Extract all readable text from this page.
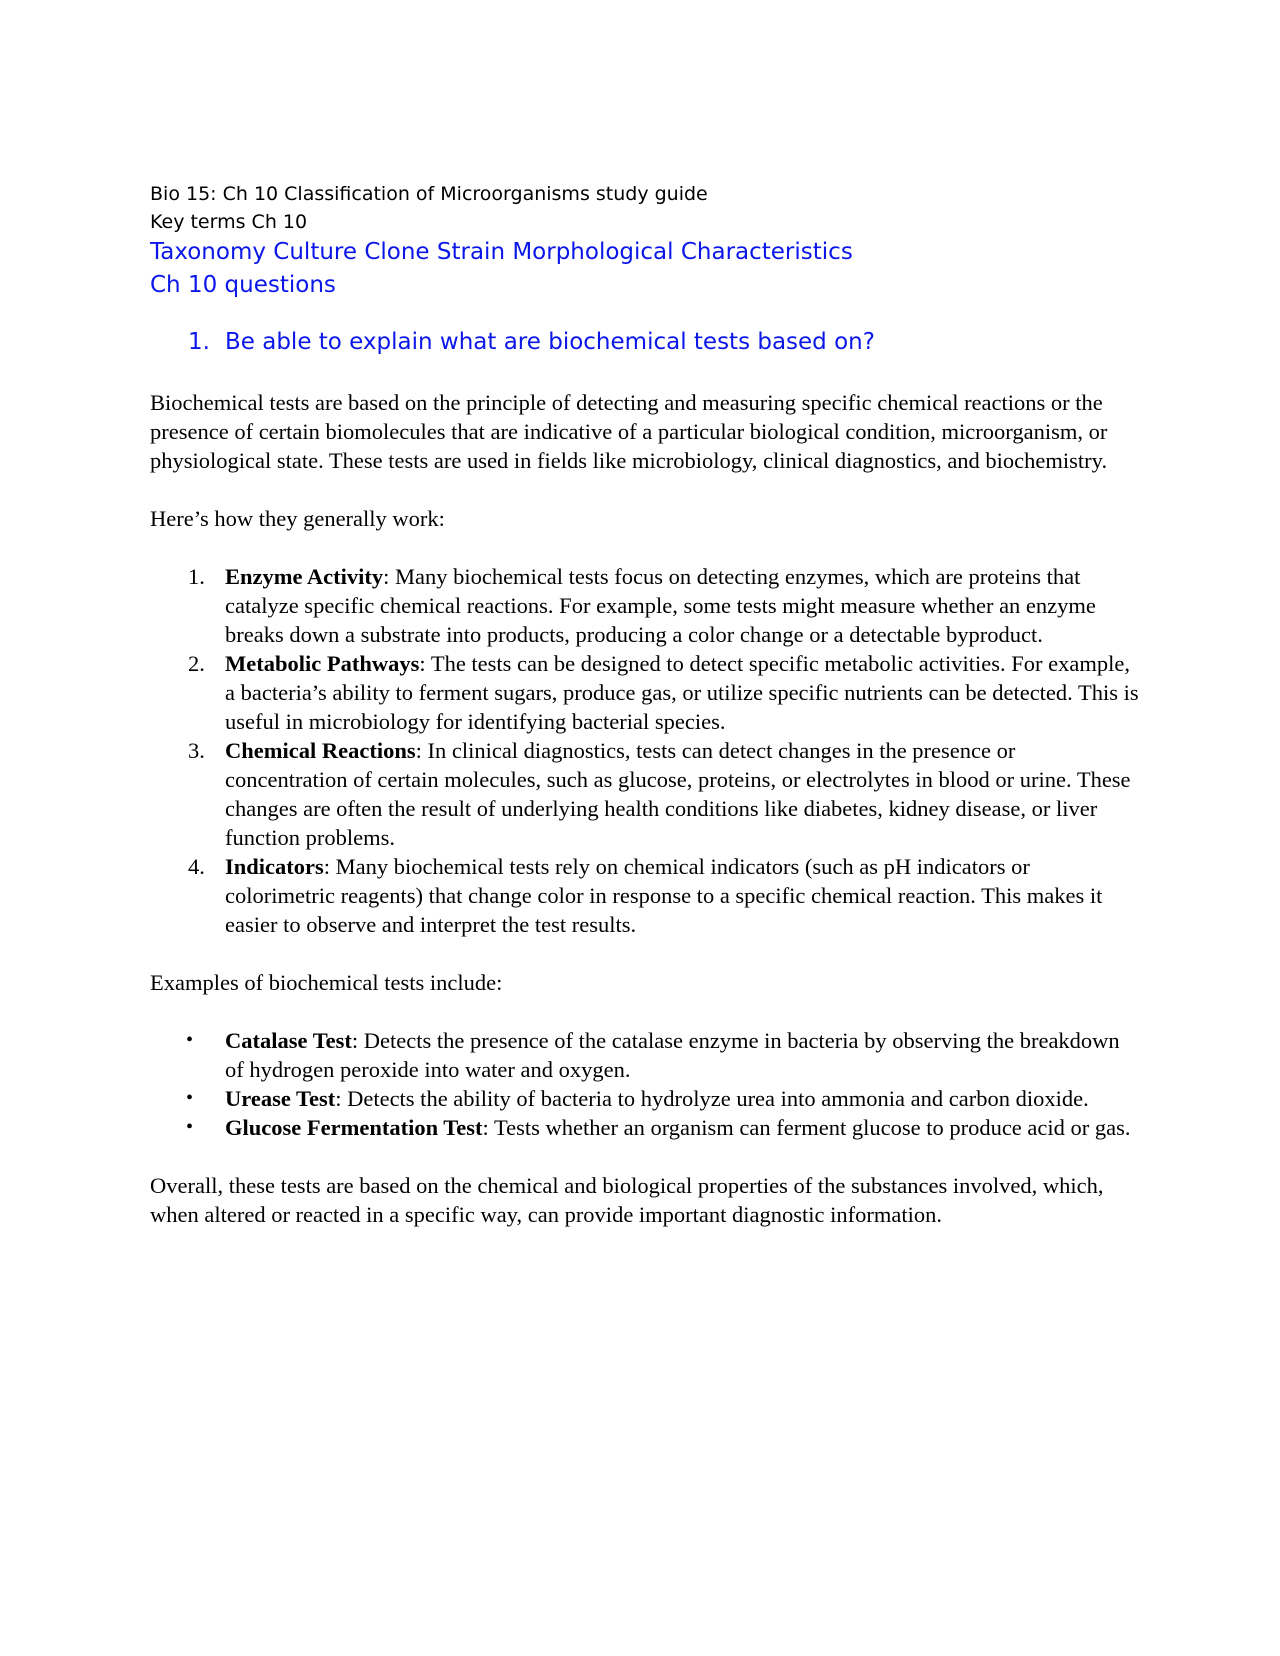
Bio 15: Ch 10 Classification of Microorganisms study guide

Key terms Ch 10

Taxonomy Culture Clone Strain Morphological Characteristics

Ch 10 questions

1. Be able to explain what are biochemical tests based on?

Biochemical tests are based on the principle of detecting and measuring specific chemical reactions or the presence of certain biomolecules that are indicative of a particular biological condition, microorganism, or physiological state. These tests are used in fields like microbiology, clinical diagnostics, and biochemistry.

Here’s how they generally work:

1. Enzyme Activity: Many biochemical tests focus on detecting enzymes, which are proteins that catalyze specific chemical reactions. For example, some tests might measure whether an enzyme breaks down a substrate into products, producing a color change or a detectable byproduct.
2. Metabolic Pathways: The tests can be designed to detect specific metabolic activities. For example, a bacteria’s ability to ferment sugars, produce gas, or utilize specific nutrients can be detected. This is useful in microbiology for identifying bacterial species.
3. Chemical Reactions: In clinical diagnostics, tests can detect changes in the presence or concentration of certain molecules, such as glucose, proteins, or electrolytes in blood or urine. These changes are often the result of underlying health conditions like diabetes, kidney disease, or liver function problems.
4. Indicators: Many biochemical tests rely on chemical indicators (such as pH indicators or colorimetric reagents) that change color in response to a specific chemical reaction. This makes it easier to observe and interpret the test results.

Examples of biochemical tests include:

•	Catalase Test: Detects the presence of the catalase enzyme in bacteria by observing the breakdown of hydrogen peroxide into water and oxygen.
•	Urease Test: Detects the ability of bacteria to hydrolyze urea into ammonia and carbon dioxide.
•	Glucose Fermentation Test: Tests whether an organism can ferment glucose to produce acid or gas.

Overall, these tests are based on the chemical and biological properties of the substances involved, which, when altered or reacted in a specific way, can provide important diagnostic information.
